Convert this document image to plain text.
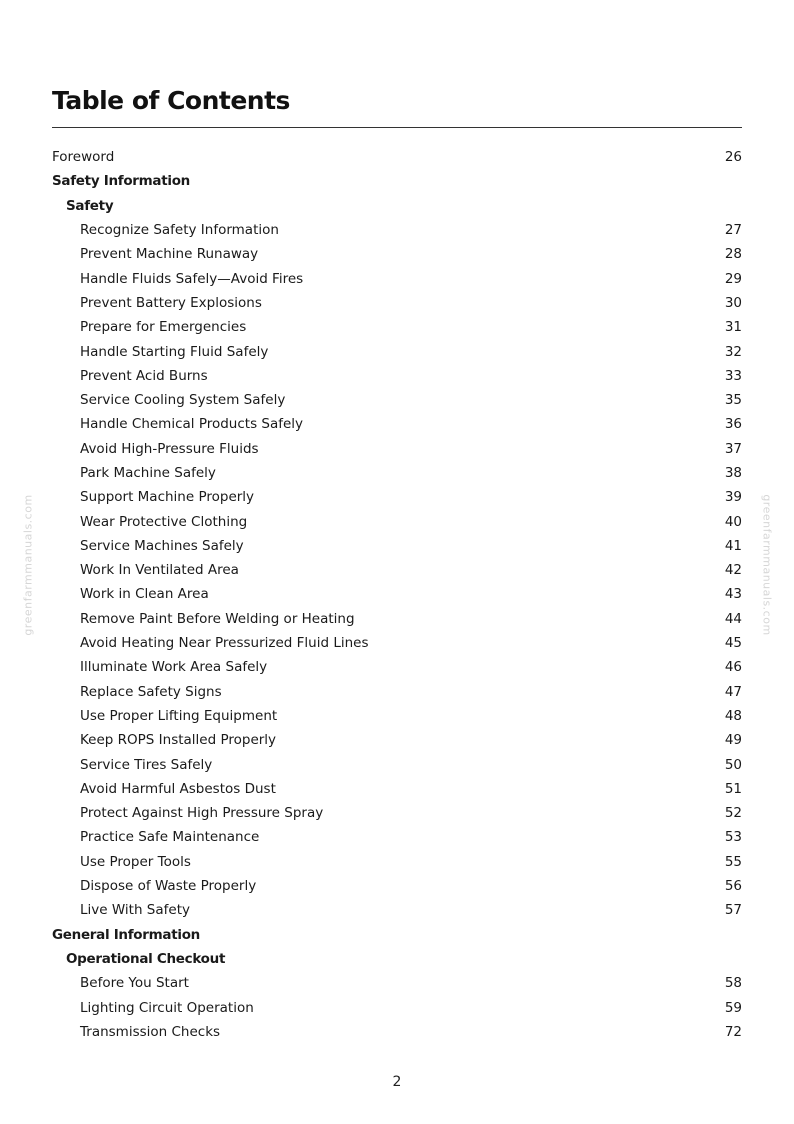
Table of Contents
Foreword	26
Safety Information
Safety
Recognize Safety Information	27
Prevent Machine Runaway	28
Handle Fluids Safely—Avoid Fires	29
Prevent Battery Explosions	30
Prepare for Emergencies	31
Handle Starting Fluid Safely	32
Prevent Acid Burns	33
Service Cooling System Safely	35
Handle Chemical Products Safely	36
Avoid High-Pressure Fluids	37
Park Machine Safely	38
Support Machine Properly	39
Wear Protective Clothing	40
Service Machines Safely	41
Work In Ventilated Area	42
Work in Clean Area	43
Remove Paint Before Welding or Heating	44
Avoid Heating Near Pressurized Fluid Lines	45
Illuminate Work Area Safely	46
Replace Safety Signs	47
Use Proper Lifting Equipment	48
Keep ROPS Installed Properly	49
Service Tires Safely	50
Avoid Harmful Asbestos Dust	51
Protect Against High Pressure Spray	52
Practice Safe Maintenance	53
Use Proper Tools	55
Dispose of Waste Properly	56
Live With Safety	57
General Information
Operational Checkout
Before You Start	58
Lighting Circuit Operation	59
Transmission Checks	72
greenfarmmanuals.com	greenfarmmanuals.com
2
